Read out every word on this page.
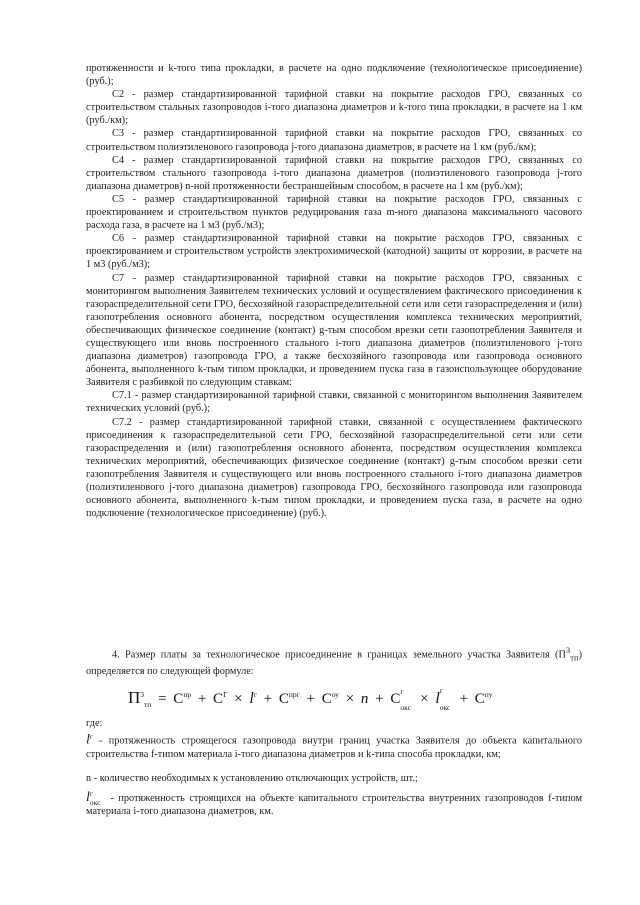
протяженности и k-того типа прокладки, в расчете на одно подключение (технологическое присоединение) (руб.);

C2 - размер стандартизированной тарифной ставки на покрытие расходов ГРО, связанных со строительством стальных газопроводов i-того диапазона диаметров и k-того типа прокладки, в расчете на 1 км (руб./км);

C3 - размер стандартизированной тарифной ставки на покрытие расходов ГРО, связанных со строительством полиэтиленового газопровода j-того диапазона диаметров, в расчете на 1 км (руб./км);

C4 - размер стандартизированной тарифной ставки на покрытие расходов ГРО, связанных со строительством стального газопровода i-того диапазона диаметров (полиэтиленового газопровода j-того диапазона диаметров) n-ной протяженности бестраншейным способом, в расчете на 1 км (руб./км);

C5 - размер стандартизированной тарифной ставки на покрытие расходов ГРО, связанных с проектированием и строительством пунктов редуцирования газа m-ного диапазона максимального часового расхода газа, в расчете на 1 м3 (руб./м3);

C6 - размер стандартизированной тарифной ставки на покрытие расходов ГРО, связанных с проектированием и строительством устройств электрохимической (катодной) защиты от коррозии, в расчете на 1 м3 (руб./м3);

C7 - размер стандартизированной тарифной ставки на покрытие расходов ГРО, связанных с мониторингом выполнения Заявителем технических условий и осуществлением фактического присоединения к газораспределительной сети ГРО, бесхозяйной газораспределительной сети или сети газораспределения и (или) газопотребления основного абонента, посредством осуществления комплекса технических мероприятий, обеспечивающих физическое соединение (контакт) g-тым способом врезки сети газопотребления Заявителя и существующего или вновь построенного стального i-того диапазона диаметров (полиэтиленового j-того диапазона диаметров) газопровода ГРО, а также бесхозяйного газопровода или газопровода основного абонента, выполненного k-тым типом прокладки, и проведением пуска газа в газоиспользующее оборудование Заявителя с разбивкой по следующим ставкам:

C7.1 - размер стандартизированной тарифной ставки, связанной с мониторингом выполнения Заявителем технических условий (руб.);

C7.2 - размер стандартизированной тарифной ставки, связанной с осуществлением фактического присоединения к газораспределительной сети ГРО, бесхозяйной газораспределительной сети или сети газораспределения и (или) газопотребления основного абонента, посредством осуществления комплекса технических мероприятий, обеспечивающих физическое соединение (контакт) g-тым способом врезки сети газопотребления Заявителя и существующего или вновь построенного стального i-того диапазона диаметров (полиэтиленового j-того диапазона диаметров) газопровода ГРО, бесхозяйного газопровода или газопровода основного абонента, выполненного k-тым типом прокладки, и проведением пуска газа, в расчете на одно подключение (технологическое присоединение) (руб.).

4. Размер платы за технологическое присоединение в границах земельного участка Заявителя $(П^3_{тп})$ определяется по следующей формуле:

$П^3_{тп} = С^{пр} + С^Г \times l^г + С^{прг} + С^{оу} \times n + С$ г
окс
× l г
окс
+ $С^{пу}$
где:
$l^г$ - протяженность строящегося газопровода внутри границ участка Заявителя до объекта капитального строительства f-типом материала i-того диапазона диаметров и k-типа способа прокладки, км;
n - количество необходимых к установлению отключающих устройств, шт.;
l г
окс - протяженность строящихся на объекте капитального строительства внутренних газопроводов f-типом материала i-того диапазона диаметров, км.
